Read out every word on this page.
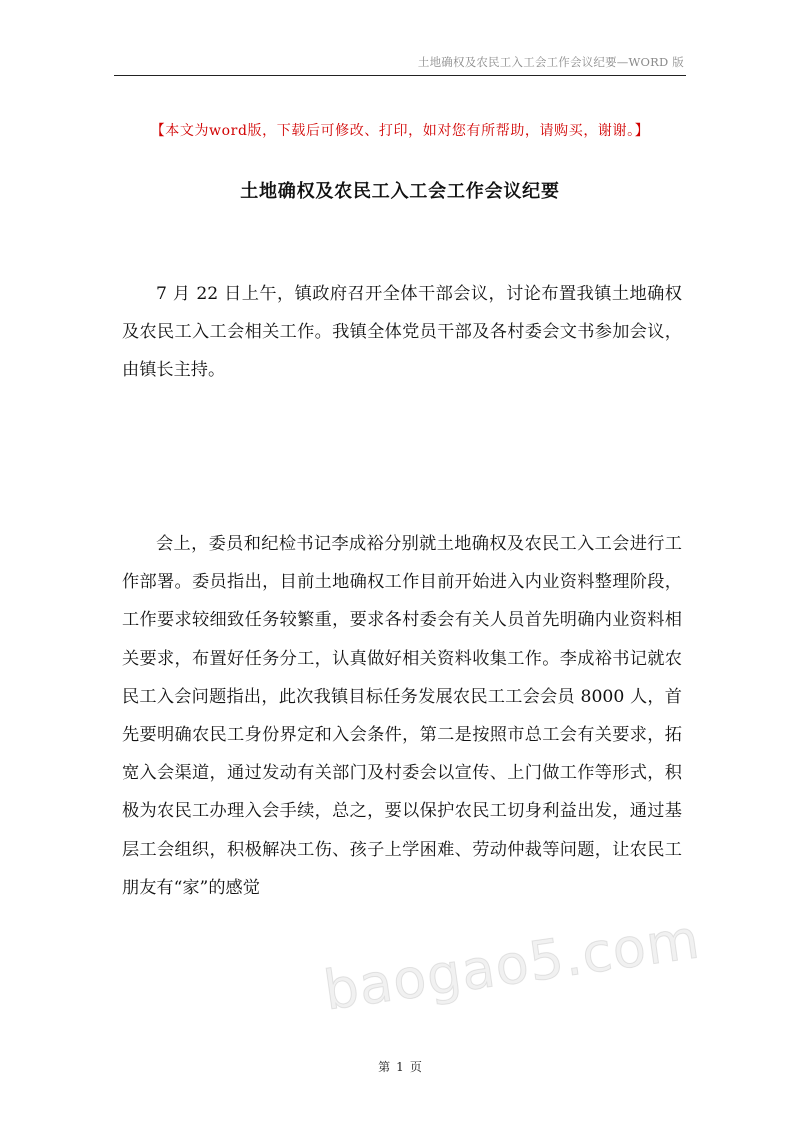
土地确权及农民工入工会工作会议纪要—WORD 版
【本文为word版，下载后可修改、打印，如对您有所帮助，请购买，谢谢。】
土地确权及农民工入工会工作会议纪要

7 月 22 日上午，镇政府召开全体干部会议，讨论布置我镇土地确权及农民工入工会相关工作。我镇全体党员干部及各村委会文书参加会议，由镇长主持。

会上，委员和纪检书记李成裕分别就土地确权及农民工入工会进行工作部署。委员指出，目前土地确权工作目前开始进入内业资料整理阶段，工作要求较细致任务较繁重，要求各村委会有关人员首先明确内业资料相关要求，布置好任务分工，认真做好相关资料收集工作。李成裕书记就农民工入会问题指出，此次我镇目标任务发展农民工工会会员 8000 人，首先要明确农民工身份界定和入会条件，第二是按照市总工会有关要求，拓宽入会渠道，通过发动有关部门及村委会以宣传、上门做工作等形式，积极为农民工办理入会手续，总之，要以保护农民工切身利益出发，通过基层工会组织，积极解决工伤、孩子上学困难、劳动仲裁等问题，让农民工朋友有“家”的感觉

baogao5.com
第 1 页
